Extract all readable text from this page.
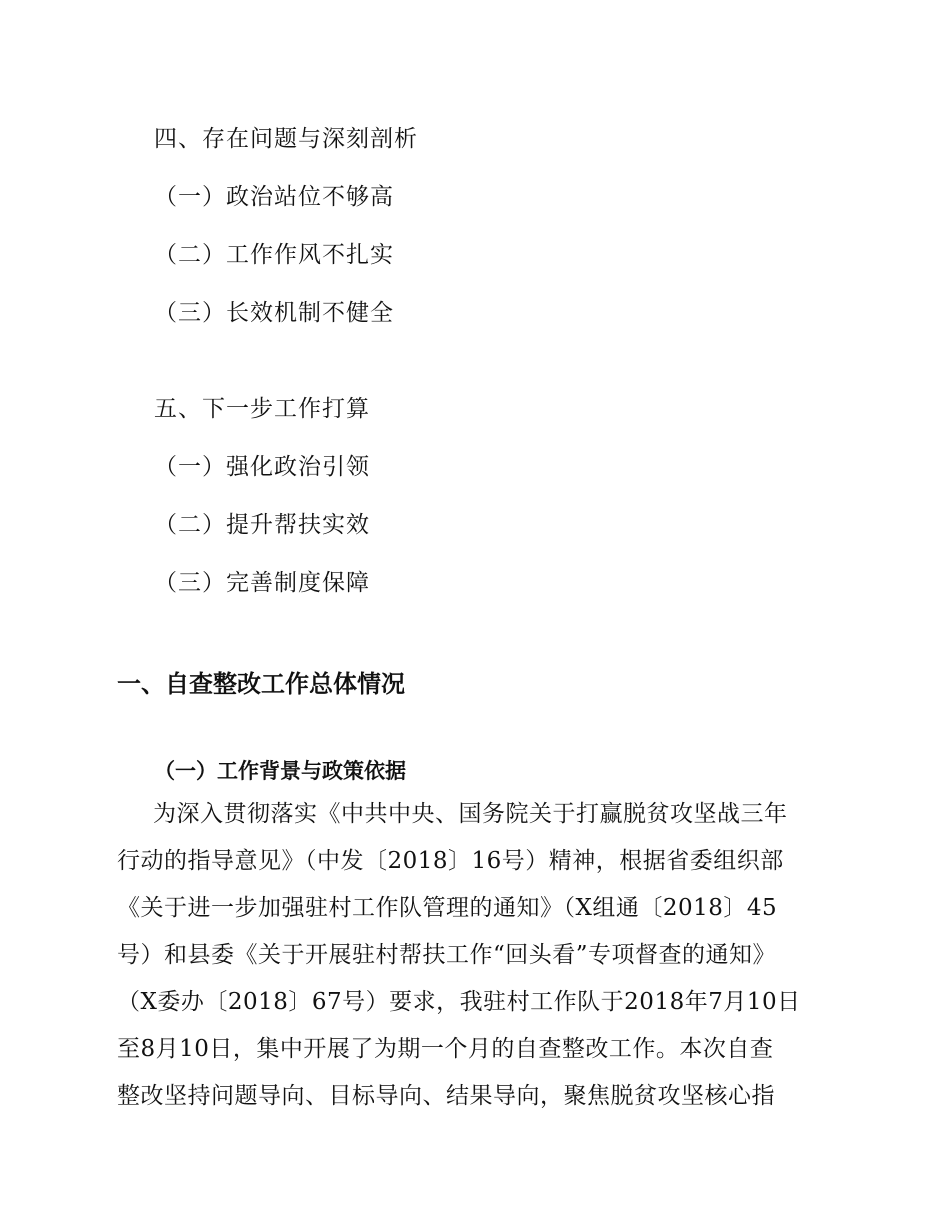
四、存在问题与深刻剖析
（一）政治站位不够高
（二）工作作风不扎实
（三）长效机制不健全
五、下一步工作打算
（一）强化政治引领
（二）提升帮扶实效
（三）完善制度保障
一、自查整改工作总体情况
（一）工作背景与政策依据
为深入贯彻落实《中共中央、国务院关于打赢脱贫攻坚战三年
行动的指导意见》（中发〔2018〕16号）精神，根据省委组织部
《关于进一步加强驻村工作队管理的通知》（X组通〔2018〕45
号）和县委《关于开展驻村帮扶工作“回头看”专项督查的通知》
（X委办〔2018〕67号）要求，我驻村工作队于2018年7月10日
至8月10日，集中开展了为期一个月的自查整改工作。本次自查
整改坚持问题导向、目标导向、结果导向，聚焦脱贫攻坚核心指
